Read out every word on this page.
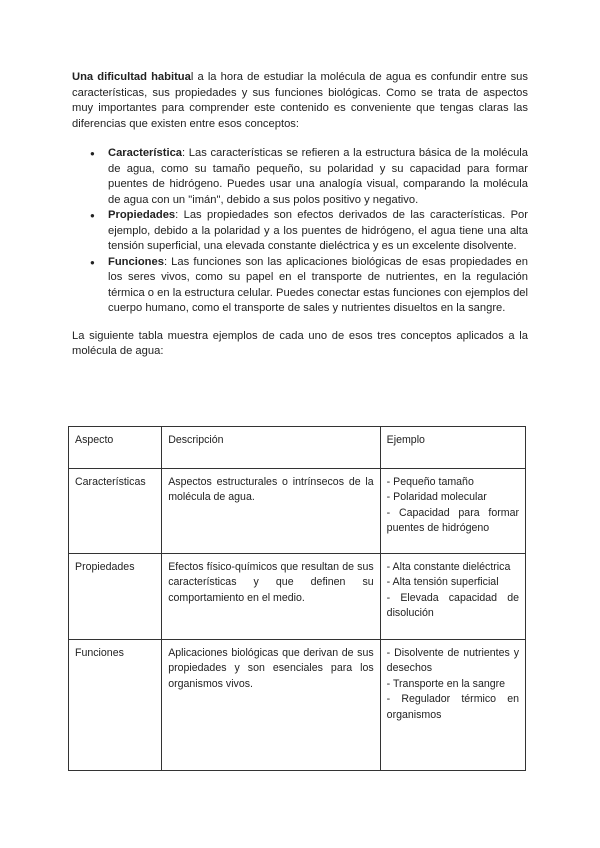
Una dificultad habitual a la hora de estudiar la molécula de agua es confundir entre sus características, sus propiedades y sus funciones biológicas. Como se trata de aspectos muy importantes para comprender este contenido es conveniente que tengas claras las diferencias que existen entre esos conceptos:

● Característica: Las características se refieren a la estructura básica de la molécula de agua, como su tamaño pequeño, su polaridad y su capacidad para formar puentes de hidrógeno. Puedes usar una analogía visual, comparando la molécula de agua con un "imán", debido a sus polos positivo y negativo.
● Propiedades: Las propiedades son efectos derivados de las características. Por ejemplo, debido a la polaridad y a los puentes de hidrógeno, el agua tiene una alta tensión superficial, una elevada constante dieléctrica y es un excelente disolvente.
● Funciones: Las funciones son las aplicaciones biológicas de esas propiedades en los seres vivos, como su papel en el transporte de nutrientes, en la regulación térmica o en la estructura celular. Puedes conectar estas funciones con ejemplos del cuerpo humano, como el transporte de sales y nutrientes disueltos en la sangre.

La siguiente tabla muestra ejemplos de cada uno de esos tres conceptos aplicados a la molécula de agua:

Aspecto	Descripción	Ejemplo
Características	Aspectos estructurales o intrínsecos de la molécula de agua.	- Pequeño tamaño
- Polaridad molecular
- Capacidad para formar puentes de hidrógeno

Propiedades	Efectos físico-químicos que resultan de sus características y que definen su comportamiento en el medio.	- Alta constante dieléctrica
- Alta tensión superficial
- Elevada capacidad de disolución

Funciones	Aplicaciones biológicas que derivan de sus propiedades y son esenciales para los organismos vivos.	- Disolvente de nutrientes y desechos
- Transporte en la sangre
- Regulador térmico en organismos
